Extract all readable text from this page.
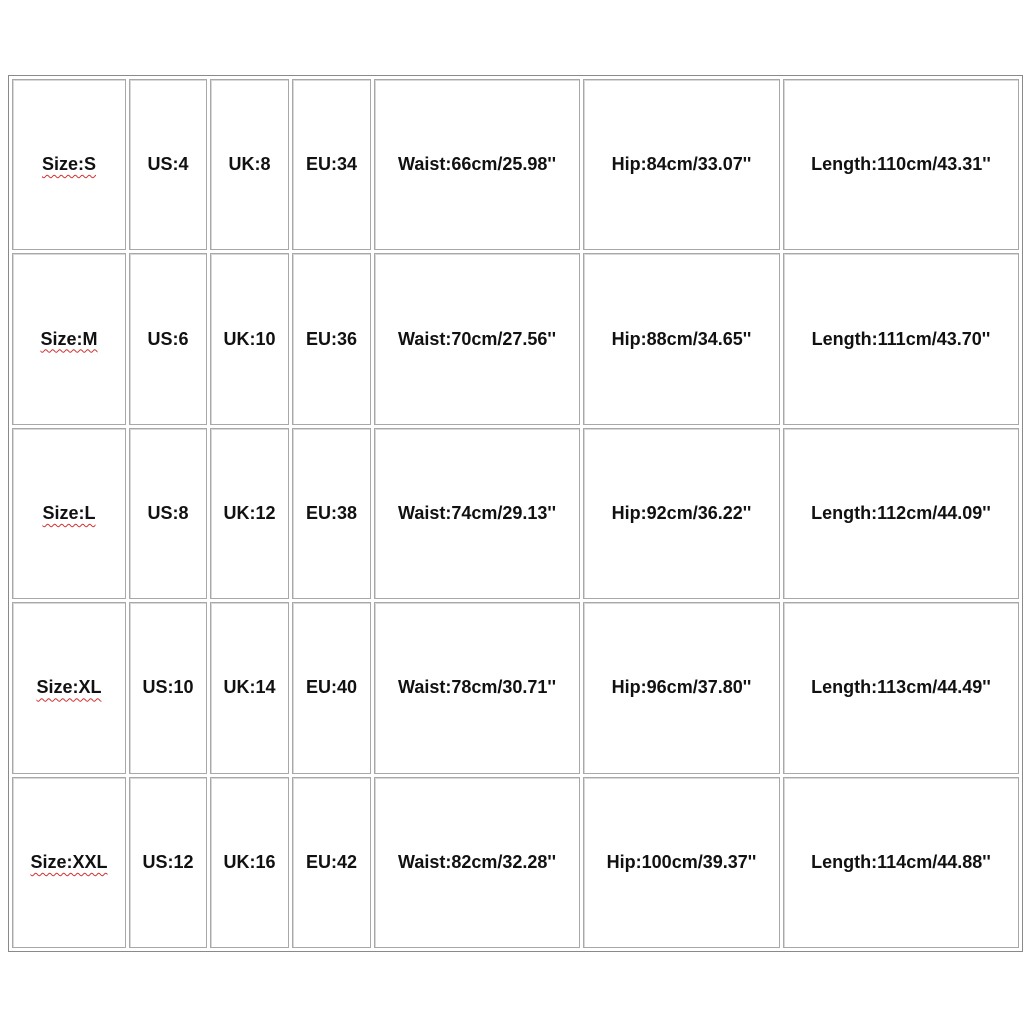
Size:S	US:4	UK:8	EU:34	Waist:66cm/25.98''	Hip:84cm/33.07''	Length:110cm/43.31''
Size:M	US:6	UK:10	EU:36	Waist:70cm/27.56''	Hip:88cm/34.65''	Length:111cm/43.70''
Size:L	US:8	UK:12	EU:38	Waist:74cm/29.13''	Hip:92cm/36.22''	Length:112cm/44.09''
Size:XL	US:10	UK:14	EU:40	Waist:78cm/30.71''	Hip:96cm/37.80''	Length:113cm/44.49''
Size:XXL	US:12	UK:16	EU:42	Waist:82cm/32.28''	Hip:100cm/39.37''	Length:114cm/44.88''
